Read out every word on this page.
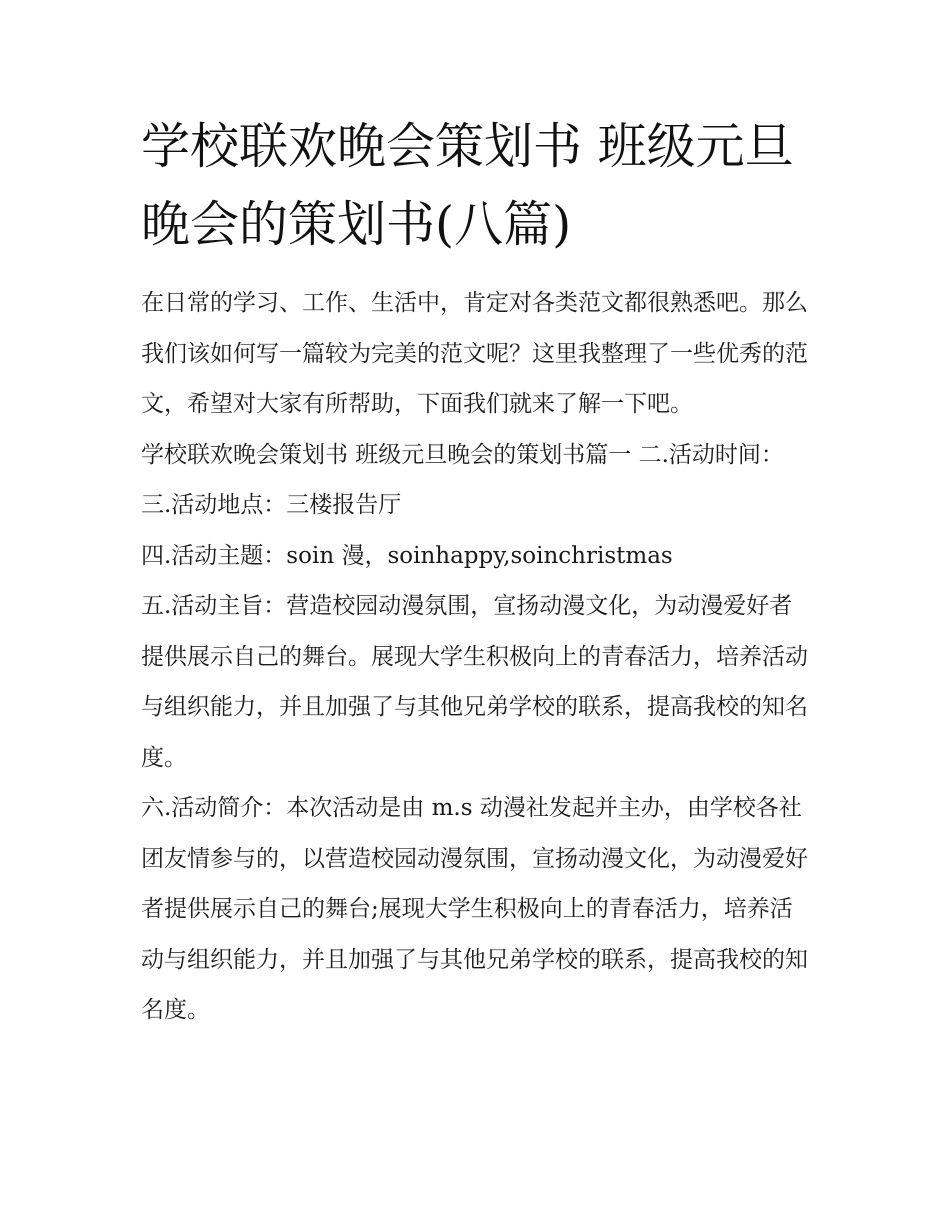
学校联欢晚会策划书 班级元旦晚会的策划书(八篇)

在日常的学习、工作、生活中，肯定对各类范文都很熟悉吧。那么我们该如何写一篇较为完美的范文呢？这里我整理了一些优秀的范文，希望对大家有所帮助，下面我们就来了解一下吧。

学校联欢晚会策划书 班级元旦晚会的策划书篇一 二.活动时间： 三.活动地点：三楼报告厅

四.活动主题：soin 漫，soinhappy,soinchristmas

五.活动主旨：营造校园动漫氛围，宣扬动漫文化，为动漫爱好者提供展示自己的舞台。展现大学生积极向上的青春活力，培养活动与组织能力，并且加强了与其他兄弟学校的联系，提高我校的知名度。

六.活动简介：本次活动是由 m.s 动漫社发起并主办，由学校各社团友情参与的，以营造校园动漫氛围，宣扬动漫文化，为动漫爱好者提供展示自己的舞台;展现大学生积极向上的青春活力，培养活动与组织能力，并且加强了与其他兄弟学校的联系，提高我校的知名度。
